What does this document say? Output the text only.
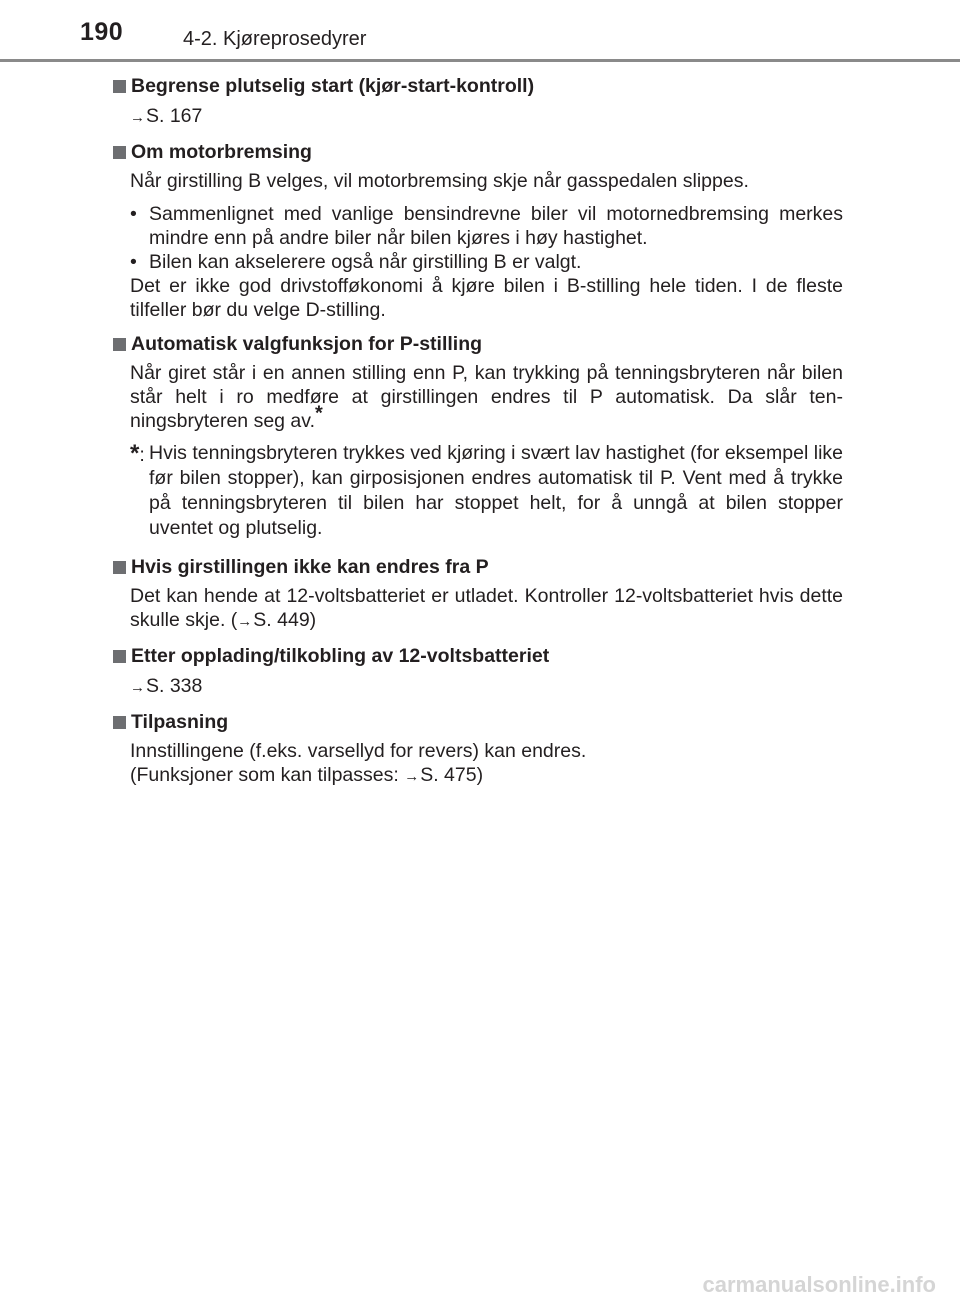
190	4-2. Kjøreprosedyrer
Begrense plutselig start (kjør-start-kontroll)
→S. 167
Om motorbremsing
Når girstilling B velges, vil motorbremsing skje når gasspedalen slippes.
• Sammenlignet med vanlige bensindrevne biler vil motornedbremsing merkes mindre enn på andre biler når bilen kjøres i høy hastighet.
• Bilen kan akselerere også når girstilling B er valgt.
Det er ikke god drivstofføkonomi å kjøre bilen i B-stilling hele tiden. I de fleste tilfeller bør du velge D-stilling.
Automatisk valgfunksjon for P-stilling
Når giret står i en annen stilling enn P, kan trykking på tenningsbryteren når bilen står helt i ro medføre at girstillingen endres til P automatisk. Da slår ten-ningsbryteren seg av.*
*: Hvis tenningsbryteren trykkes ved kjøring i svært lav hastighet (for eksempel like før bilen stopper), kan girposisjonen endres automatisk til P. Vent med å trykke på tenningsbryteren til bilen har stoppet helt, for å unngå at bilen stopper uventet og plutselig.
Hvis girstillingen ikke kan endres fra P
Det kan hende at 12-voltsbatteriet er utladet. Kontroller 12-voltsbatteriet hvis dette skulle skje. (→S. 449)
Etter opplading/tilkobling av 12-voltsbatteriet
→S. 338
Tilpasning
Innstillingene (f.eks. varsellyd for revers) kan endres.
(Funksjoner som kan tilpasses: →S. 475)
carmanualsonline.info
